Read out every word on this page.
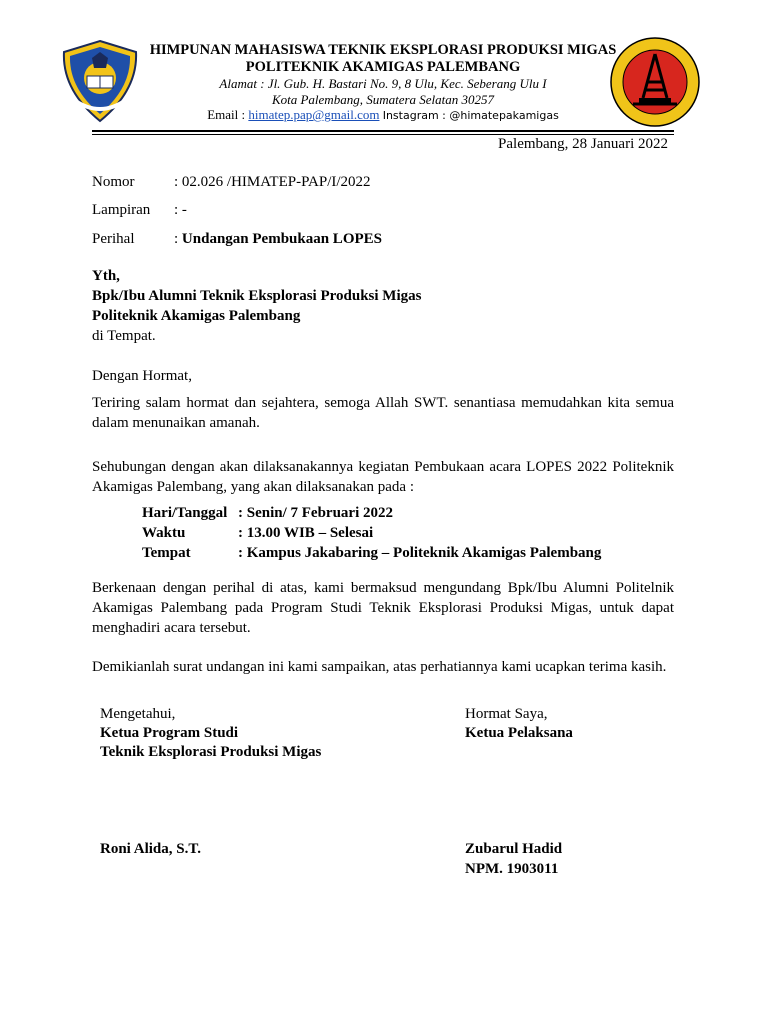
HIMPUNAN MAHASISWA TEKNIK EKSPLORASI PRODUKSI MIGAS
POLITEKNIK AKAMIGAS PALEMBANG
Alamat : Jl. Gub. H. Bastari No. 9, 8 Ulu, Kec. Seberang Ulu I
Kota Palembang, Sumatera Selatan 30257
Email : himatep.pap@gmail.com Instagram : @himatepakamigas
Palembang, 28 Januari 2022
Nomor	: 02.026 /HIMATEP-PAP/I/2022
Lampiran : -
Perihal	: Undangan Pembukaan LOPES
Yth,
Bpk/Ibu Alumni Teknik Eksplorasi Produksi Migas
Politeknik Akamigas Palembang
di Tempat.
Dengan Hormat,
Teriring salam hormat dan sejahtera, semoga Allah SWT. senantiasa memudahkan kita semua dalam menunaikan amanah.
Sehubungan dengan akan dilaksanakannya kegiatan Pembukaan acara LOPES 2022 Politeknik Akamigas Palembang, yang akan dilaksanakan pada :
Hari/Tanggal : Senin/ 7 Februari 2022
Waktu	: 13.00 WIB – Selesai
Tempat	: Kampus Jakabaring – Politeknik Akamigas Palembang
Berkenaan dengan perihal di atas, kami bermaksud mengundang Bpk/Ibu Alumni Politelnik Akamigas Palembang pada Program Studi Teknik Eksplorasi Produksi Migas, untuk dapat menghadiri acara tersebut.
Demikianlah surat undangan ini kami sampaikan, atas perhatiannya kami ucapkan terima kasih.
Mengetahui,
Ketua Program Studi
Teknik Eksplorasi Produksi Migas
Roni Alida, S.T.
Hormat Saya,
Ketua Pelaksana
Zubarul Hadid
NPM. 1903011
